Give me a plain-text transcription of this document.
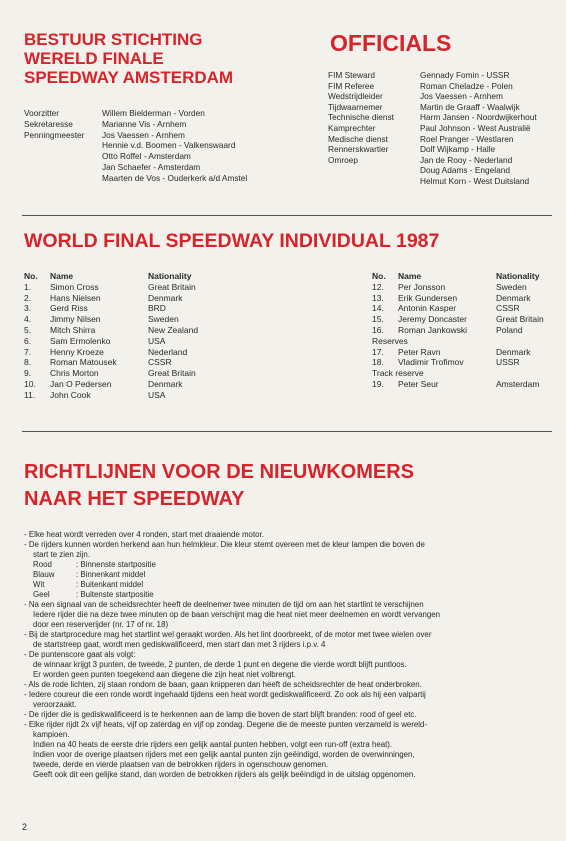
BESTUUR STICHTING
WERELD FINALE
SPEEDWAY AMSTERDAM
OFFICIALS
Voorzitter	Willem Bielderman - Vorden
Sekretaresse	Marianne Vis - Arnhem
Penningmeester	Jos Vaessen - Arnhem
Hennie v.d. Boomen - Valkenswaard
Otto Roffel - Amsterdam
Jan Schaefer - Amsterdam
Maarten de Vos - Ouderkerk a/d Amstel
FIM Steward	Gennady Fomin - USSR
FIM Referee	Roman Cheladze - Polen
Wedstrijdleider	Jos Vaessen - Arnhem
Tijdwaarnemer	Martin de Graaff - Waalwijk
Technische dienst	Harm Jansen - Noordwijkerhout
Kamprechter	Paul Johnson - West Australië
Medische dienst	Roel Pranger - Westlaren
Rennerskwartier	Dolf Wijkamp - Halle
Omroep	Jan de Rooy - Nederland
Doug Adams - Engeland
Helmut Korn - West Duitsland
WORLD FINAL SPEEDWAY INDIVIDUAL 1987
No.	Name	Nationality
1.	Simon Cross	Great Britain
2.	Hans Nielsen	Denmark
3.	Gerd Riss	BRD
4.	Jimmy Nilsen	Sweden
5.	Mitch Shirra	New Zealand
6.	Sam Ermolenko	USA
7.	Henny Kroeze	Nederland
8.	Roman Matousek	CSSR
9.	Chris Morton	Great Britain
10.	Jan O Pedersen	Denmark
11.	John Cook	USA
No.	Name	Nationality
12.	Per Jonsson	Sweden
13.	Erik Gundersen	Denmark
14.	Antonin Kasper	CSSR
15.	Jeremy Doncaster	Great Britain
16.	Roman Jankowski	Poland
Reserves
17.	Peter Ravn	Denmark
18.	Vladimir Trofimov	USSR
Track reserve
19.	Peter Seur	Amsterdam
RICHTLIJNEN VOOR DE NIEUWKOMERS
NAAR HET SPEEDWAY

- Elke heat wordt verreden over 4 ronden, start met draaiende motor.

- De rijders kunnen worden herkend aan hun helmkleur. Die kleur stemt overeen met de kleur lampen die boven de

start te zien zijn.

Rood	: Binnenste startpositie

Blauw	: Binnenkant middel

Wit	: Buitenkant middel

Geel	: Buitenste startpositie

- Na een signaal van de scheidsrechter heeft de deelnemer twee minuten de tijd om aan het startlint te verschijnen

Iedere rijder die na deze twee minuten op de baan verschijnt mag die heat niet meer deelnemen en wordt vervangen

door een reserverijder (nr. 17 of nr. 18)

- Bij de startprocedure mag het startlint wel geraakt worden. Als het lint doorbreekt, of de motor met twee wielen over

de startstreep gaat, wordt men gediskwalificeerd, men start dan met 3 rijders i.p.v. 4

- De puntenscore gaat als volgt:

de winnaar krijgt 3 punten, de tweede, 2 punten, de derde 1 punt en degene die vierde wordt blijft puntloos.

Er worden geen punten toegekend aan diegene die zijn heat niet volbrengt.

- Als de rode lichten, zij staan rondom de baan, gaan knipperen dan heeft de scheidsrechter de heat onderbroken.

- Iedere coureur die een ronde wordt ingehaald tijdens een heat wordt gediskwalificeerd. Zo ook als hij een valpartij

veroorzaakt.

- De rijder die is gediskwalificeerd is te herkennen aan de lamp die boven de start blijft branden: rood of geel etc.

- Elke rijder rijdt 2x vijf heats, vijf op zaterdag en vijf op zondag. Degene die de meeste punten verzameld is wereld-

kampioen.

Indien na 40 heats de eerste drie rijders een gelijk aantal punten hebben, volgt een run-off (extra heat).

Indien voor de overige plaatsen rijders met een gelijk aantal punten zijn geëindigd, worden de overwinningen,

tweede, derde en vierde plaatsen van de betrokken rijders in ogenschouw genomen.

Geeft ook dit een gelijke stand, dan worden de betrokken rijders als gelijk beëindigd in de uitslag opgenomen.

2
